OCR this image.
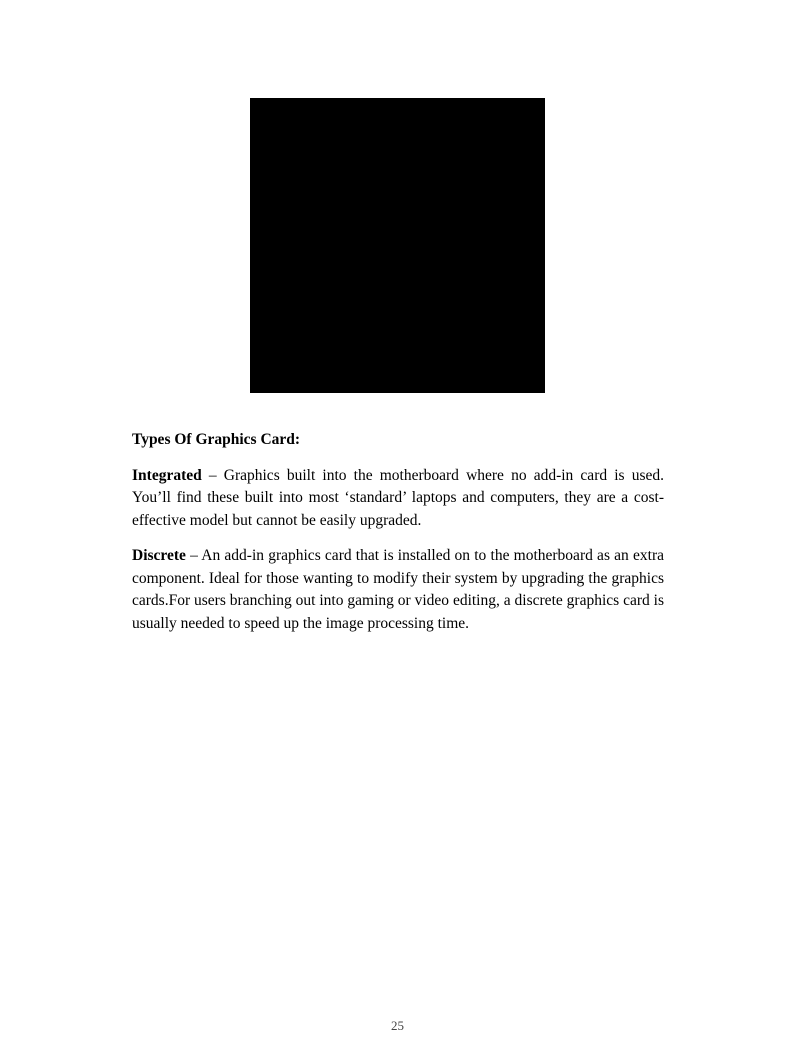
Types Of Graphics Card:

Integrated – Graphics built into the motherboard where no add-in card is used. You’ll find these built into most ‘standard’ laptops and computers, they are a cost-effective model but cannot be easily upgraded.

Discrete – An add-in graphics card that is installed on to the motherboard as an extra component. Ideal for those wanting to modify their system by upgrading the graphics cards.For users branching out into gaming or video editing, a discrete graphics card is usually needed to speed up the image processing time.

25
